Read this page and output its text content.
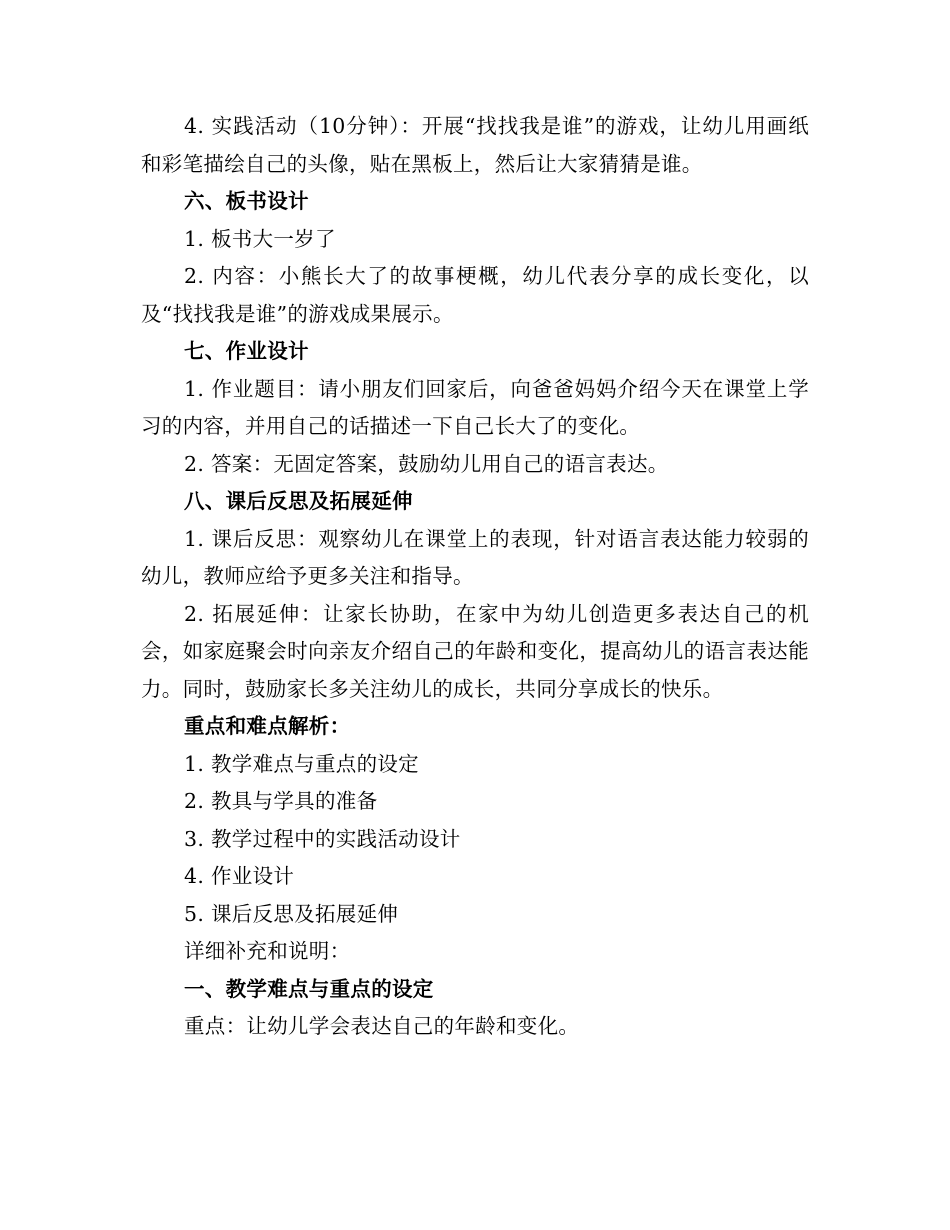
4. 实践活动（10分钟）：开展“找找我是谁”的游戏，让幼儿用画纸和彩笔描绘自己的头像，贴在黑板上，然后让大家猜猜是谁。

六、板书设计

1. 板书大一岁了

2. 内容：小熊长大了的故事梗概，幼儿代表分享的成长变化，以及“找找我是谁”的游戏成果展示。

七、作业设计

1. 作业题目：请小朋友们回家后，向爸爸妈妈介绍今天在课堂上学习的内容，并用自己的话描述一下自己长大了的变化。

2. 答案：无固定答案，鼓励幼儿用自己的语言表达。

八、课后反思及拓展延伸

1. 课后反思：观察幼儿在课堂上的表现，针对语言表达能力较弱的幼儿，教师应给予更多关注和指导。

2. 拓展延伸：让家长协助，在家中为幼儿创造更多表达自己的机会，如家庭聚会时向亲友介绍自己的年龄和变化，提高幼儿的语言表达能力。同时，鼓励家长多关注幼儿的成长，共同分享成长的快乐。

重点和难点解析：

1. 教学难点与重点的设定

2. 教具与学具的准备

3. 教学过程中的实践活动设计

4. 作业设计

5. 课后反思及拓展延伸

详细补充和说明：

一、教学难点与重点的设定

重点：让幼儿学会表达自己的年龄和变化。
